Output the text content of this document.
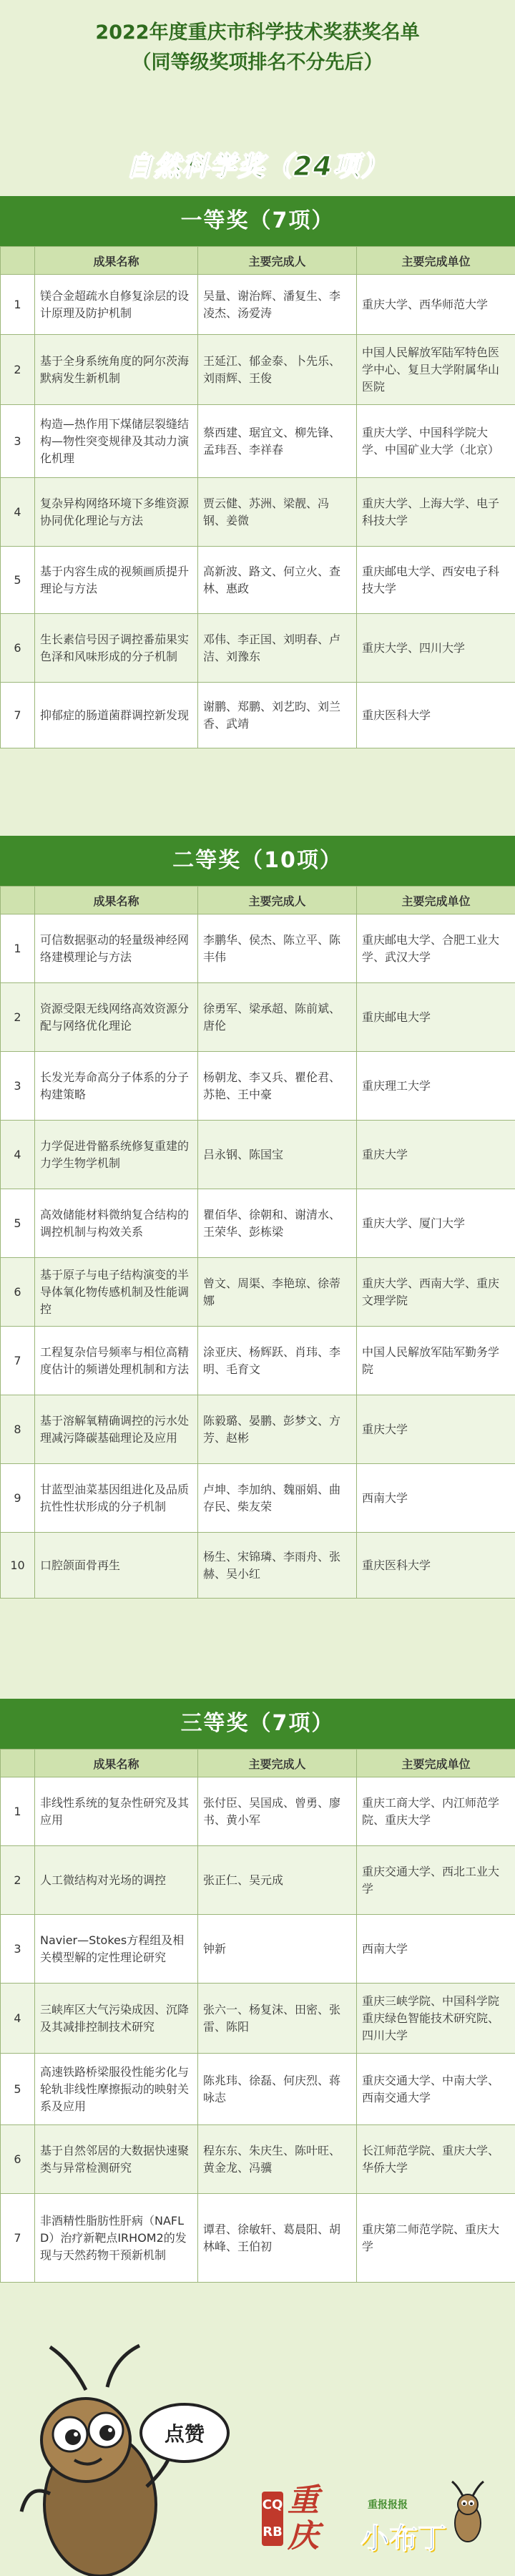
2022年度重庆市科学技术奖获奖名单
（同等级奖项排名不分先后）
自然科学奖（24项）
一等奖（7项）
	成果名称	主要完成人	主要完成单位
1	镁合金超疏水自修复涂层的设计原理及防护机制	吴量、谢治辉、潘复生、李凌杰、汤爱涛	重庆大学、西华师范大学
2	基于全身系统角度的阿尔茨海默病发生新机制	王延江、郁金泰、卜先乐、刘雨辉、王俊	中国人民解放军陆军特色医学中心、复旦大学附属华山医院
3	构造—热作用下煤储层裂缝结构—物性突变规律及其动力演化机理	蔡西建、琚宜文、柳先锋、孟玮吾、李祥春	重庆大学、中国科学院大学、中国矿业大学（北京）
4	复杂异构网络环境下多维资源协同优化理论与方法	贾云健、苏洲、梁靓、冯钢、姜微	重庆大学、上海大学、电子科技大学
5	基于内容生成的视频画质提升理论与方法	高新波、路文、何立火、查林、惠政	重庆邮电大学、西安电子科技大学
6	生长素信号因子调控番茄果实色泽和风味形成的分子机制	邓伟、李正国、刘明春、卢洁、刘豫东	重庆大学、四川大学
7	抑郁症的肠道菌群调控新发现	谢鹏、郑鹏、刘艺昀、刘兰香、武靖	重庆医科大学
二等奖（10项）
	成果名称	主要完成人	主要完成单位
1	可信数据驱动的轻量级神经网络建模理论与方法	李鹏华、侯杰、陈立平、陈丰伟	重庆邮电大学、合肥工业大学、武汉大学
2	资源受限无线网络高效资源分配与网络优化理论	徐勇军、梁承超、陈前斌、唐伦	重庆邮电大学
3	长发光寿命高分子体系的分子构建策略	杨朝龙、李又兵、瞿伦君、苏艳、王中豪	重庆理工大学
4	力学促进骨骼系统修复重建的力学生物学机制	吕永钢、陈国宝	重庆大学
5	高效储能材料微纳复合结构的调控机制与构效关系	瞿佰华、徐朝和、谢清水、王荣华、彭栋梁	重庆大学、厦门大学
6	基于原子与电子结构演变的半导体氧化物传感机制及性能调控	曾文、周渠、李艳琼、徐蒂娜	重庆大学、西南大学、重庆文理学院
7	工程复杂信号频率与相位高精度估计的频谱处理机制和方法	涂亚庆、杨辉跃、肖玮、李明、毛育文	中国人民解放军陆军勤务学院
8	基于溶解氧精确调控的污水处理减污降碳基础理论及应用	陈毅璐、晏鹏、彭梦文、方芳、赵彬	重庆大学
9	甘蓝型油菜基因组进化及品质抗性性状形成的分子机制	卢坤、李加纳、魏丽娟、曲存民、柴友荣	西南大学
10	口腔颌面骨再生	杨生、宋锦璘、李雨舟、张赫、吴小红	重庆医科大学
三等奖（7项）
	成果名称	主要完成人	主要完成单位
1	非线性系统的复杂性研究及其应用	张付臣、吴国成、曾勇、廖书、黄小军	重庆工商大学、内江师范学院、重庆大学
2	人工微结构对光场的调控	张正仁、吴元成	重庆交通大学、西北工业大学
3	Navier—Stokes方程组及相关模型解的定性理论研究	钟新	西南大学
4	三峡库区大气污染成因、沉降及其减排控制技术研究	张六一、杨复沫、田密、张雷、陈阳	重庆三峡学院、中国科学院重庆绿色智能技术研究院、四川大学
5	高速铁路桥梁服役性能劣化与轮轨非线性摩擦振动的映射关系及应用	陈兆玮、徐磊、何庆烈、蒋咏志	重庆交通大学、中南大学、西南交通大学
6	基于自然邻居的大数据快速聚类与异常检测研究	程东东、朱庆生、陈叶旺、黄金龙、冯骥	长江师范学院、重庆大学、华侨大学
7	非酒精性脂肪性肝病（NAFLD）治疗新靶点IRHOM2的发现与天然药物干预新机制	谭君、徐敏轩、葛晨阳、胡林峰、王伯初	重庆第二师范学院、重庆大学
点赞
CQ RB
重庆
重报报报
小布丁
